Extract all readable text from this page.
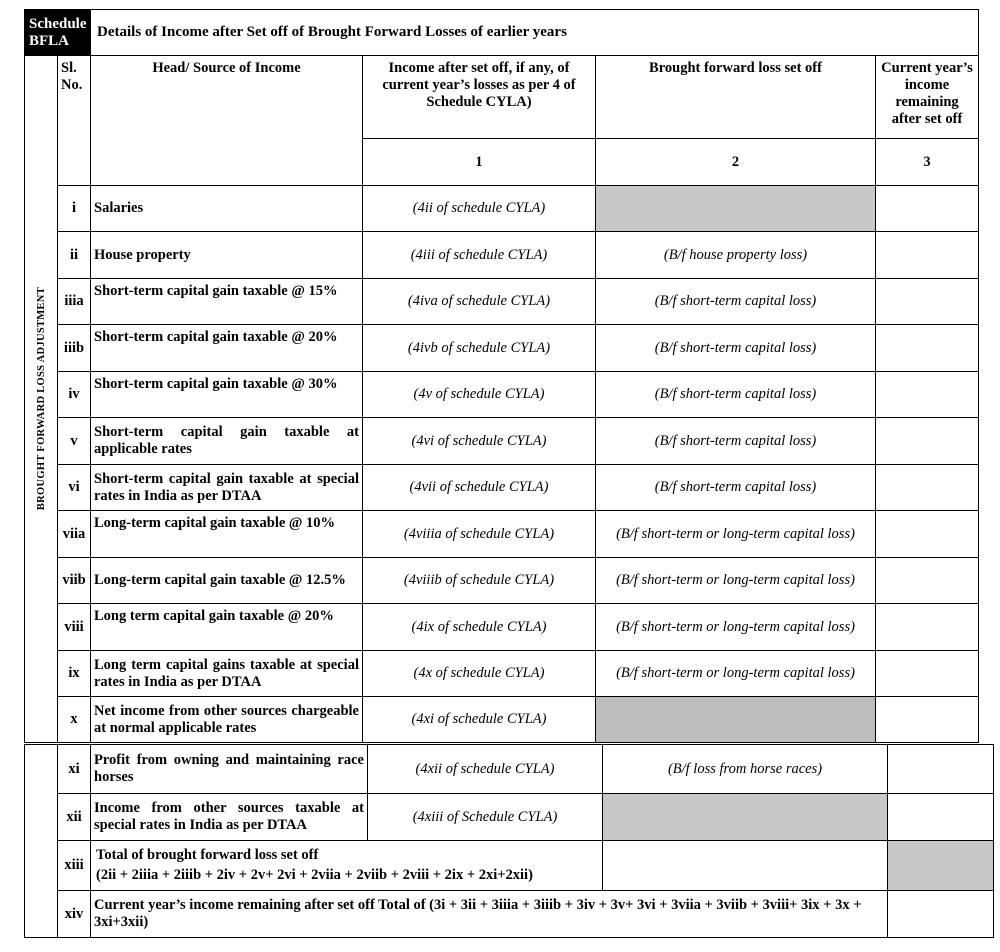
Schedule BFLA		Details of Income after Set off of Brought Forward Losses of earlier years			

BROUGHT FORWARD LOSS ADJUSTMENT	Sl. No.	Head/ Source of Income	Income after set off, if any, of current year’s losses as per 4 of Schedule CYLA)	Brought forward loss set off	Current year’s income remaining after set off
			1	2	3
	i	Salaries	(4ii of schedule CYLA)		
	ii	House property	(4iii of schedule CYLA)	(B/f house property loss)	
	iiia	Short-term capital gain taxable @ 15%	(4iva of schedule CYLA)	(B/f short-term capital loss)	
	iiib	Short-term capital gain taxable @ 20%	(4ivb of schedule CYLA)	(B/f short-term capital loss)	
	iv	Short-term capital gain taxable @ 30%	(4v of schedule CYLA)	(B/f short-term capital loss)	
	v	Short-term capital gain taxable at applicable rates	(4vi of schedule CYLA)	(B/f short-term capital loss)	
	vi	Short-term capital gain taxable at special rates in India as per DTAA	(4vii of schedule CYLA)	(B/f short-term capital loss)	
	viia	Long-term capital gain taxable @ 10%	(4viiia of schedule CYLA)	(B/f short-term or long-term capital loss)	
	viib	Long-term capital gain taxable @ 12.5%	(4viiib of schedule CYLA)	(B/f short-term or long-term capital loss)	
	viii	Long term capital gain taxable @ 20%	(4ix of schedule CYLA)	(B/f short-term or long-term capital loss)	
	ix	Long term capital gains taxable at special rates in India as per DTAA	(4x of schedule CYLA)	(B/f short-term or long-term capital loss)	
	x	Net income from other sources chargeable at normal applicable rates	(4xi of schedule CYLA)		
	xi	Profit from owning and maintaining race horses	(4xii of schedule CYLA)	(B/f loss from horse races)	
	xii	Income from other sources taxable at special rates in India as per DTAA	(4xiii of Schedule CYLA)		
	xiii	Total of brought forward loss set off
(2ii + 2iiia + 2iiib + 2iv + 2v+ 2vi + 2viia + 2viib + 2viii + 2ix + 2xi+2xii)			

	xiv	Current year’s income remaining after set off Total of (3i + 3ii + 3iiia + 3iiib + 3iv + 3v+ 3vi + 3viia + 3viib + 3viii+ 3ix + 3x + 3xi+3xii)			
